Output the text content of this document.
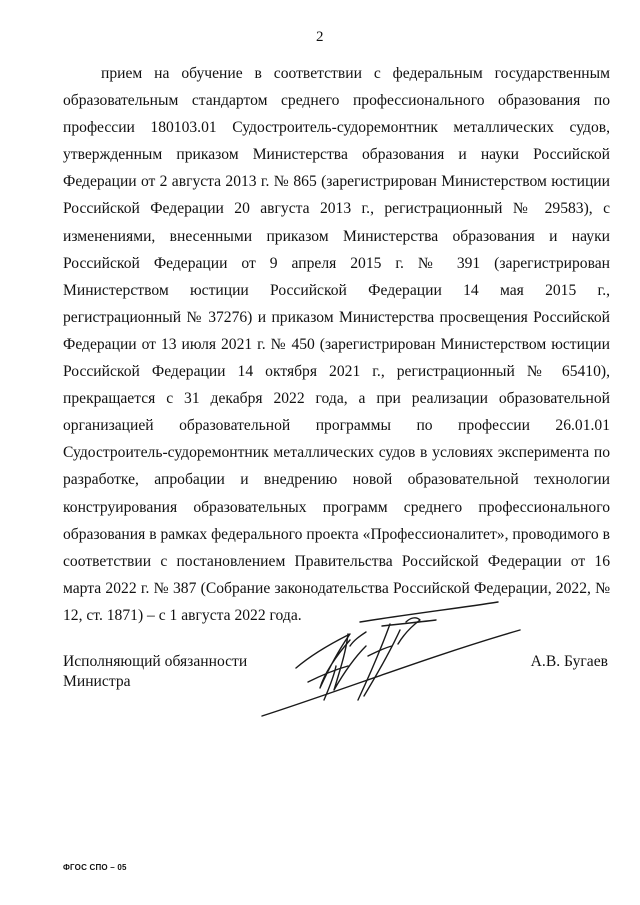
2

прием на обучение в соответствии с федеральным государственным образовательным стандартом среднего профессионального образования по профессии 180103.01 Судостроитель-судоремонтник металлических судов, утвержденным приказом Министерства образования и науки Российской Федерации от 2 августа 2013 г. № 865 (зарегистрирован Министерством юстиции Российской Федерации 20 августа 2013 г., регистрационный № 29583), с изменениями, внесенными приказом Министерства образования и науки Российской Федерации от 9 апреля 2015 г. № 391 (зарегистрирован Министерством юстиции Российской Федерации 14 мая 2015 г., регистрационный № 37276) и приказом Министерства просвещения Российской Федерации от 13 июля 2021 г. № 450 (зарегистрирован Министерством юстиции Российской Федерации 14 октября 2021 г., регистрационный № 65410), прекращается с 31 декабря 2022 года, а при реализации образовательной организацией образовательной программы по профессии 26.01.01 Судостроитель-судоремонтник металлических судов в условиях эксперимента по разработке, апробации и внедрению новой образовательной технологии конструирования образовательных программ среднего профессионального образования в рамках федерального проекта «Профессионалитет», проводимого в соответствии с постановлением Правительства Российской Федерации от 16 марта 2022 г. № 387 (Собрание законодательства Российской Федерации, 2022, № 12, ст. 1871) – с 1 августа 2022 года.

Исполняющий обязанности
Министра
А.В. Бугаев
ФГОС СПО – 05
